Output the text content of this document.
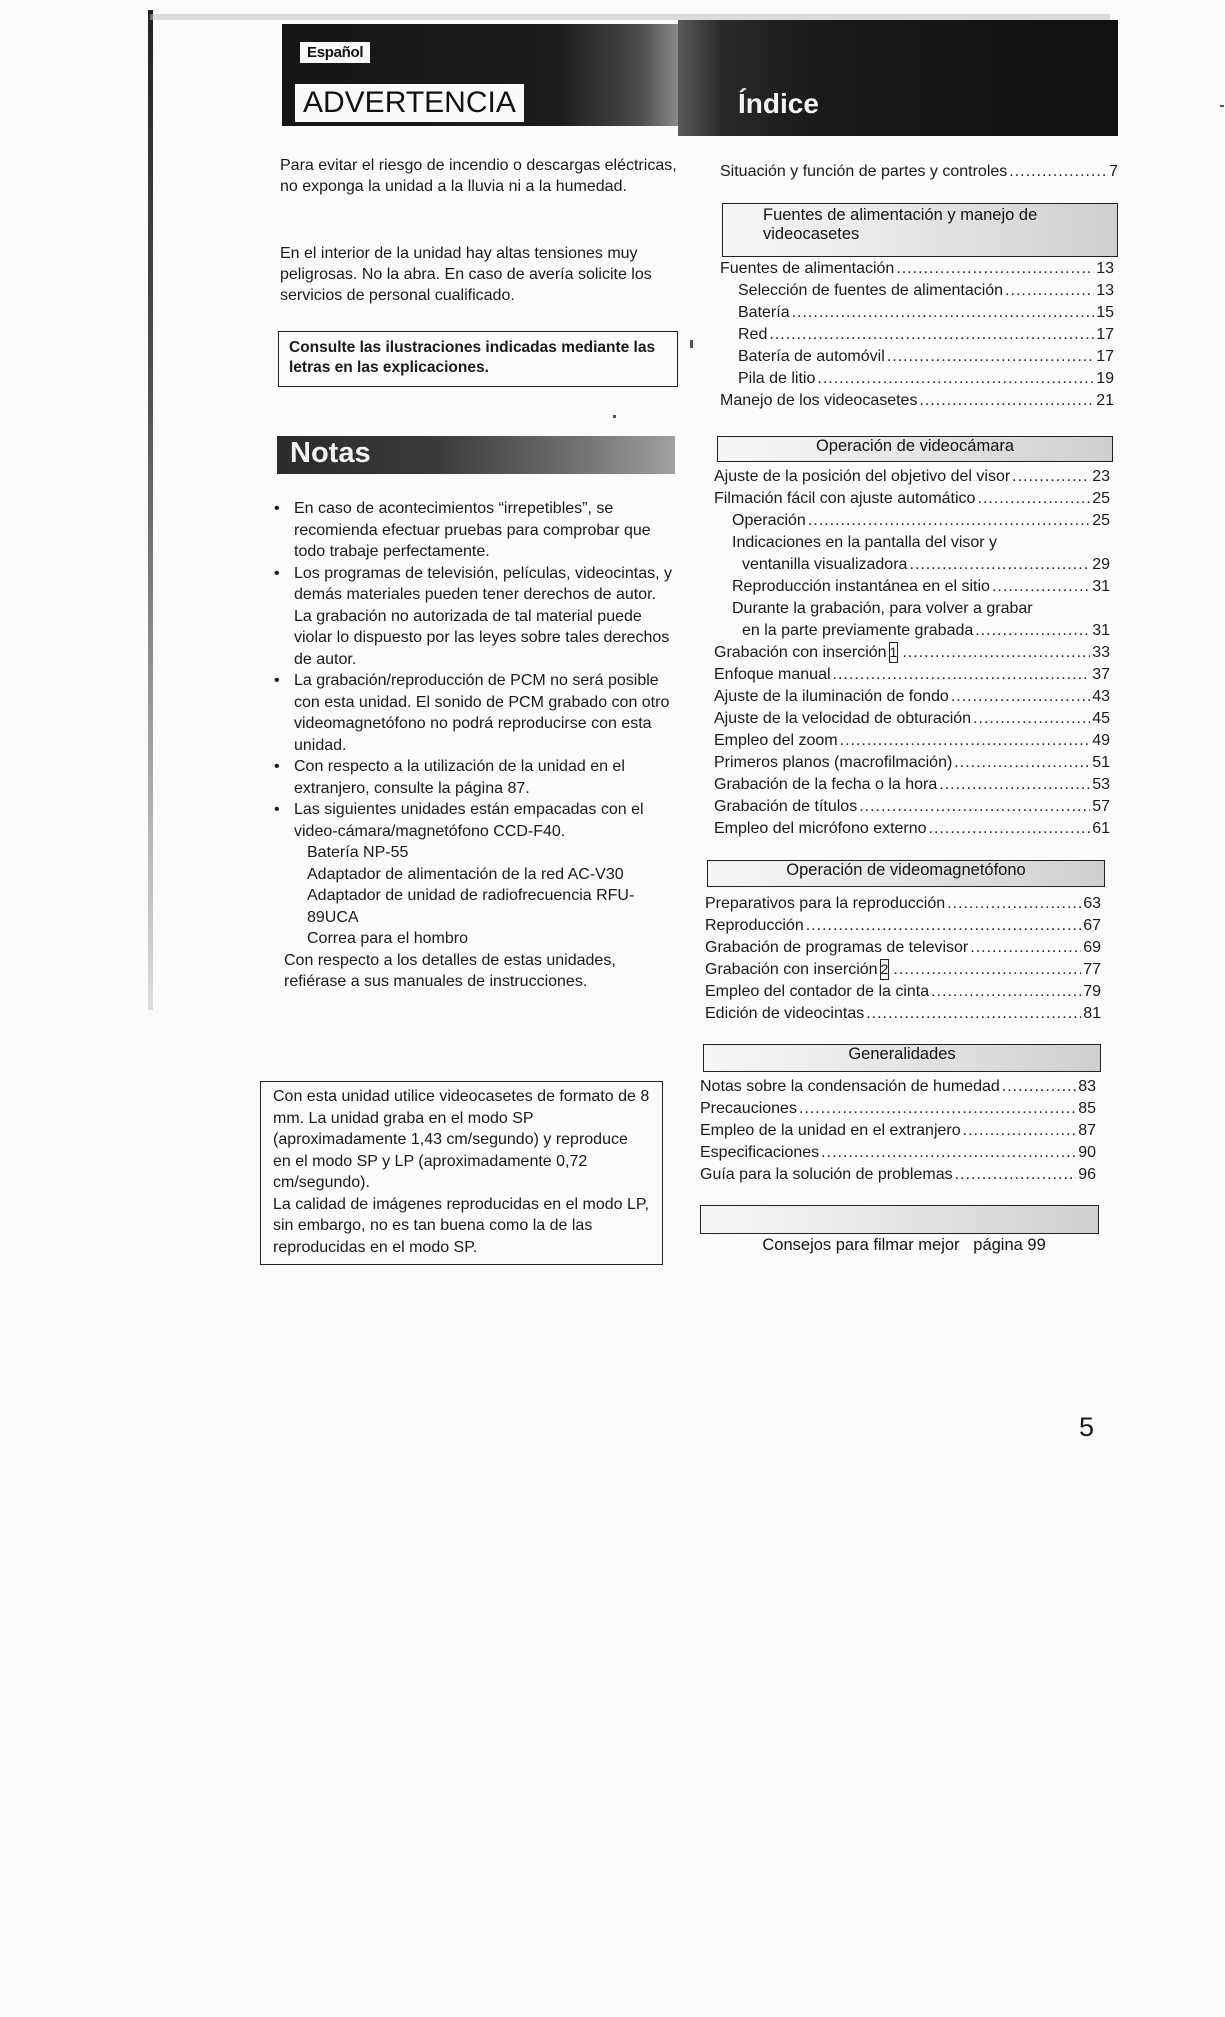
Español
ADVERTENCIA	Índice
Para evitar el riesgo de incendio o descargas eléctricas, no exponga la unidad a la lluvia ni a la humedad.
En el interior de la unidad hay altas tensiones muy peligrosas. No la abra. En caso de avería solicite los servicios de personal cualificado.
Consulte las ilustraciones indicadas mediante las letras en las explicaciones.
Notas
• En caso de acontecimientos “irrepetibles”, se recomienda efectuar pruebas para comprobar que todo trabaje perfectamente.
• Los programas de televisión, películas, videocintas, y demás materiales pueden tener derechos de autor. La grabación no autorizada de tal material puede violar lo dispuesto por las leyes sobre tales derechos de autor.
• La grabación/reproducción de PCM no será posible con esta unidad. El sonido de PCM grabado con otro videomagnetófono no podrá reproducirse con esta unidad.
• Con respecto a la utilización de la unidad en el extranjero, consulte la página 87.
• Las siguientes unidades están empacadas con el video-cámara/magnetófono CCD-F40.
Batería NP-55
Adaptador de alimentación de la red AC-V30
Adaptador de unidad de radiofrecuencia RFU-89UCA
Correa para el hombro
Con respecto a los detalles de estas unidades, refiérase a sus manuales de instrucciones.
Con esta unidad utilice videocasetes de formato de 8 mm. La unidad graba en el modo SP (aproximadamente 1,43 cm/segundo) y reproduce en el modo SP y LP (aproximadamente 0,72 cm/segundo).
La calidad de imágenes reproducidas en el modo LP, sin embargo, no es tan buena como la de las reproducidas en el modo SP.
Situación y función de partes y controles .....	7
Fuentes de alimentación y manejo de videocasetes
Fuentes de alimentación .....	13
Selección de fuentes de alimentación .....	13
Batería .....	15
Red .....	17
Batería de automóvil .....	17
Pila de litio .....	19
Manejo de los videocasetes .....	21
Operación de videocámara
Ajuste de la posición del objetivo del visor .....	23
Filmación fácil con ajuste automático .....	25
Operación .....	25
Indicaciones en la pantalla del visor y
ventanilla visualizadora .....	29
Reproducción instantánea en el sitio .....	31
Durante la grabación, para volver a grabar
en la parte previamente grabada .....	31
Grabación con inserción 1 .....	33
Enfoque manual .....	37
Ajuste de la iluminación de fondo .....	43
Ajuste de la velocidad de obturación .....	45
Empleo del zoom .....	49
Primeros planos (macrofilmación) .....	51
Grabación de la fecha o la hora .....	53
Grabación de títulos .....	57
Empleo del micrófono externo .....	61
Operación de videomagnetófono
Preparativos para la reproducción .....	63
Reproducción .....	67
Grabación de programas de televisor .....	69
Grabación con inserción 2 .....	77
Empleo del contador de la cinta .....	79
Edición de videocintas .....	81
Generalidades
Notas sobre la condensación de humedad .....	83
Precauciones .....	85
Empleo de la unidad en el extranjero .....	87
Especificaciones .....	90
Guía para la solución de problemas .....	96

Consejos para filmar mejor   página 99

5
